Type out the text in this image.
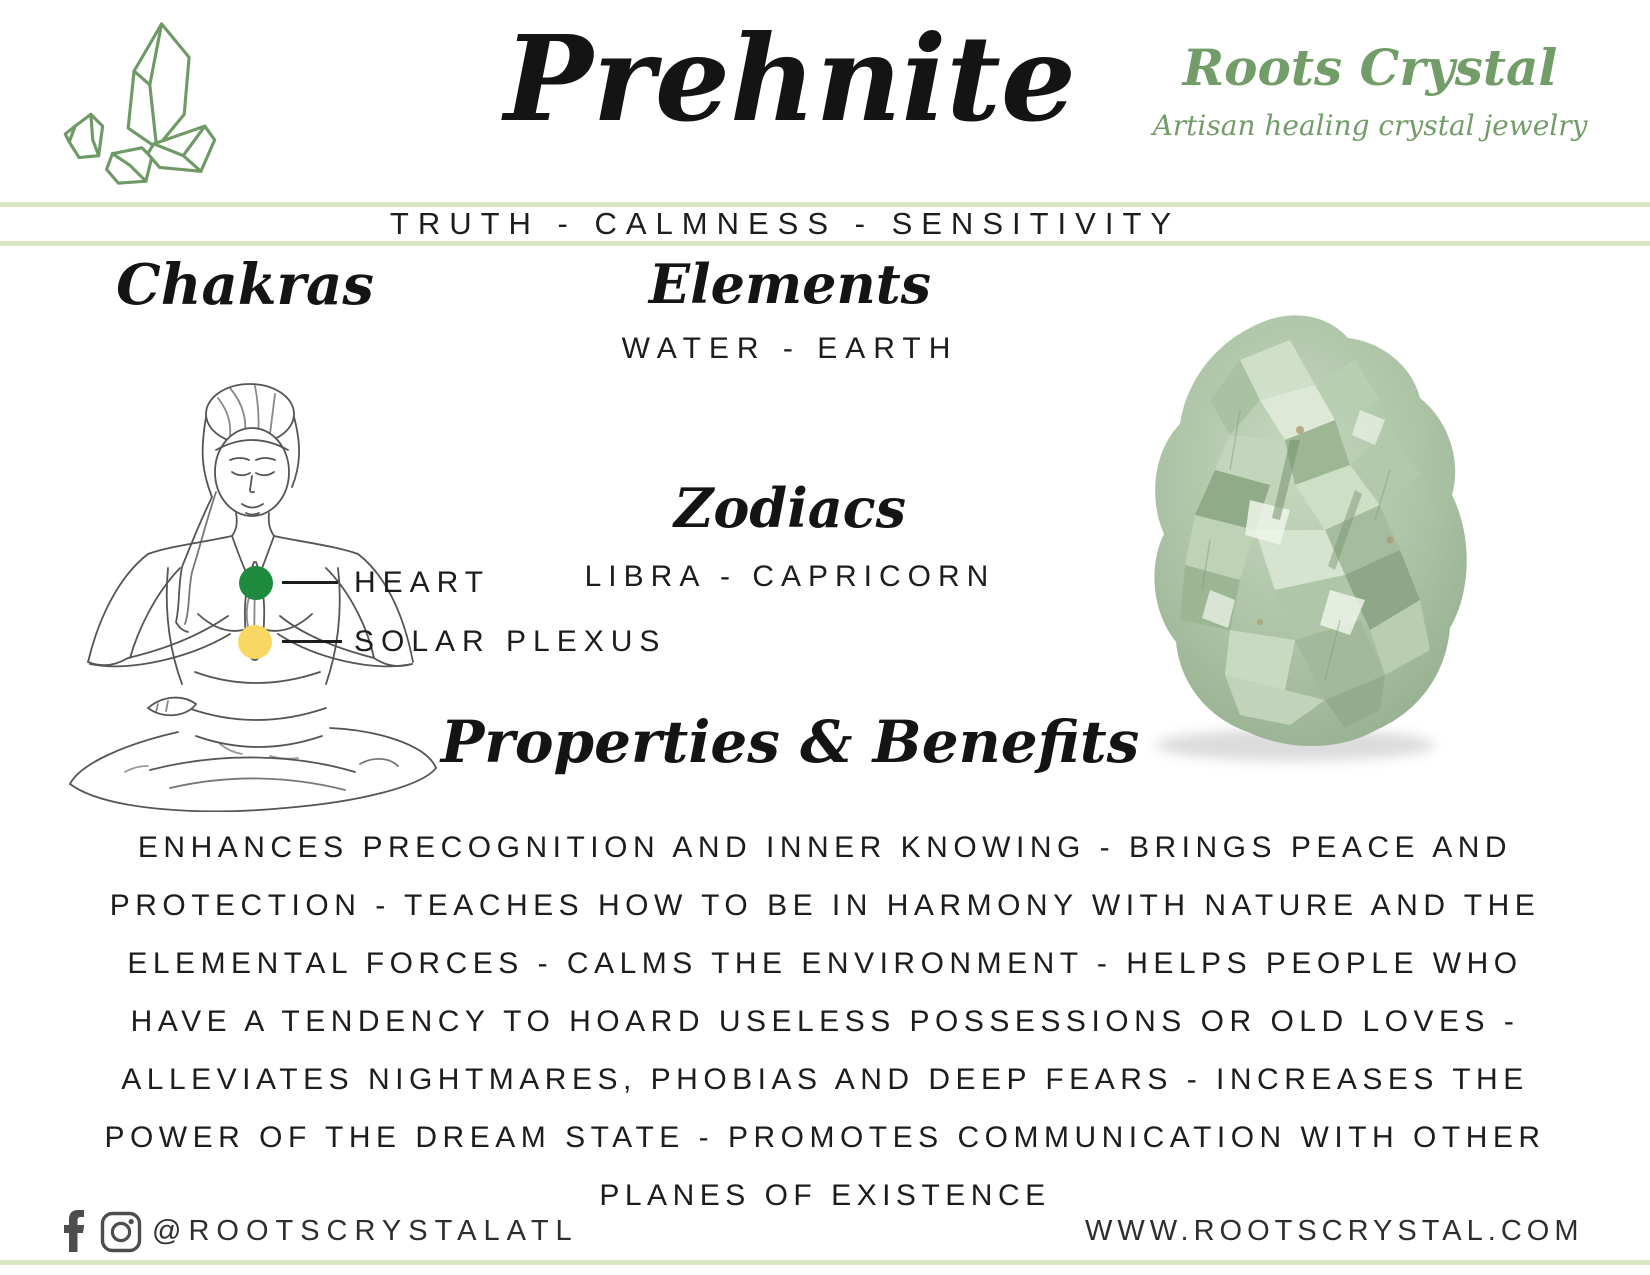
Prehnite	Roots Crystal
Artisan healing crystal jewelry
TRUTH - CALMNESS - SENSITIVITY
Chakras	Elements
WATER - EARTH
Zodiacs
LIBRA - CAPRICORN
Properties & Benefits
HEART
SOLAR PLEXUS
ENHANCES PRECOGNITION AND INNER KNOWING - BRINGS PEACE AND
PROTECTION - TEACHES HOW TO BE IN HARMONY WITH NATURE AND THE
ELEMENTAL FORCES - CALMS THE ENVIRONMENT - HELPS PEOPLE WHO
HAVE A TENDENCY TO HOARD USELESS POSSESSIONS OR OLD LOVES -
ALLEVIATES NIGHTMARES, PHOBIAS AND DEEP FEARS - INCREASES THE
POWER OF THE DREAM STATE - PROMOTES COMMUNICATION WITH OTHER
PLANES OF EXISTENCE
@ROOTSCRYSTALATL	WWW.ROOTSCRYSTAL.COM
